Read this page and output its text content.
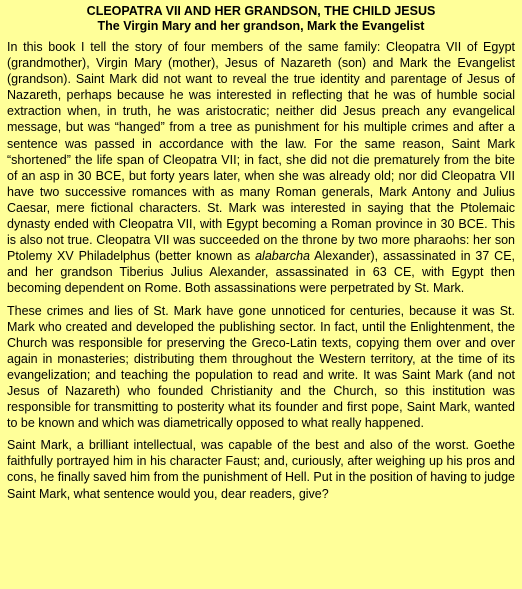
CLEOPATRA VII AND HER GRANDSON, THE CHILD JESUS
The Virgin Mary and her grandson, Mark the Evangelist

In this book I tell the story of four members of the same family: Cleopatra VII of Egypt (grandmother), Virgin Mary (mother), Jesus of Nazareth (son) and Mark the Evangelist (grandson). Saint Mark did not want to reveal the true identity and parentage of Jesus of Nazareth, perhaps because he was interested in reflecting that he was of humble social extraction when, in truth, he was aristocratic; neither did Jesus preach any evangelical message, but was “hanged” from a tree as punishment for his multiple crimes and after a sentence was passed in accordance with the law. For the same reason, Saint Mark “shortened” the life span of Cleopatra VII; in fact, she did not die prematurely from the bite of an asp in 30 BCE, but forty years later, when she was already old; nor did Cleopatra VII have two successive romances with as many Roman generals, Mark Antony and Julius Caesar, mere fictional characters. St. Mark was interested in saying that the Ptolemaic dynasty ended with Cleopatra VII, with Egypt becoming a Roman province in 30 BCE. This is also not true. Cleopatra VII was succeeded on the throne by two more pharaohs: her son Ptolemy XV Philadelphus (better known as alabarcha Alexander), assassinated in 37 CE, and her grandson Tiberius Julius Alexander, assassinated in 63 CE, with Egypt then becoming dependent on Rome. Both assassinations were perpetrated by St. Mark.

These crimes and lies of St. Mark have gone unnoticed for centuries, because it was St. Mark who created and developed the publishing sector. In fact, until the Enlightenment, the Church was responsible for preserving the Greco-Latin texts, copying them over and over again in monasteries; distributing them throughout the Western territory, at the time of its evangelization; and teaching the population to read and write. It was Saint Mark (and not Jesus of Nazareth) who founded Christianity and the Church, so this institution was responsible for transmitting to posterity what its founder and first pope, Saint Mark, wanted to be known and which was diametrically opposed to what really happened.

Saint Mark, a brilliant intellectual, was capable of the best and also of the worst. Goethe faithfully portrayed him in his character Faust; and, curiously, after weighing up his pros and cons, he finally saved him from the punishment of Hell. Put in the position of having to judge Saint Mark, what sentence would you, dear readers, give?
